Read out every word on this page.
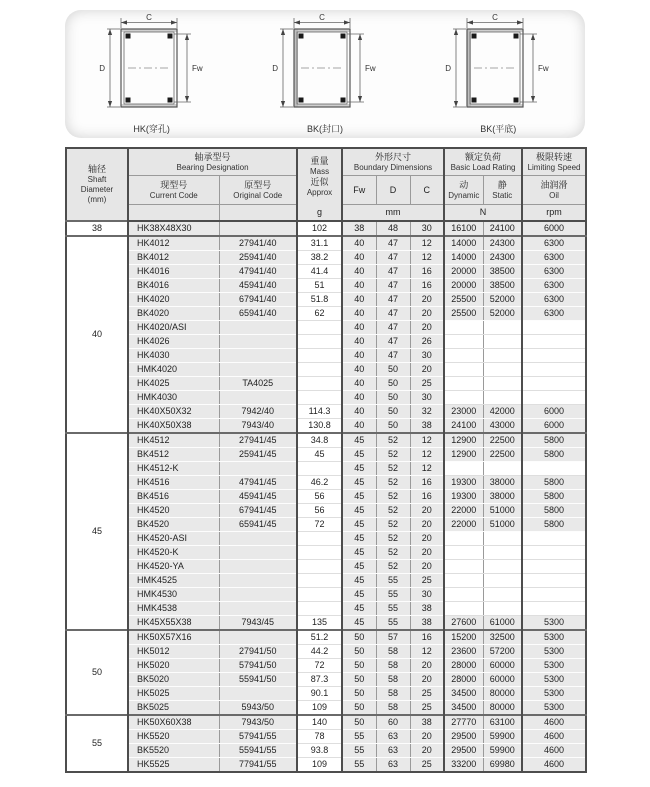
C
D	Fw
HK(穿孔)
C
D	Fw
BK(封口)
C
D	Fw
BK(平底)
轴径
Shaft
Diameter
(mm)	轴承型号
Bearing Designation		重量
Mass
近似
Approx	外形尺寸
Boundary Dimensions			额定负荷
Basic Load Rating		极限转速
Limiting Speed

	现型号
Current Code	原型号
Original Code		Fw	D	C	动
Dynamic	静
Static	油润滑
Oil

			g	mm			N		rpm
38	HK38X48X30		102	38	48	30	16100	24100	6000
40	HK4012	27941/40	31.1	40	47	12	14000	24300	6300
	BK4012	25941/40	38.2	40	47	12	14000	24300	6300
	HK4016	47941/40	41.4	40	47	16	20000	38500	6300
	BK4016	45941/40	51	40	47	16	20000	38500	6300
	HK4020	67941/40	51.8	40	47	20	25500	52000	6300
	BK4020	65941/40	62	40	47	20	25500	52000	6300
	HK4020/ASI			40	47	20			
	HK4026			40	47	26			
	HK4030			40	47	30			
	HMK4020			40	50	20			
	HK4025	TA4025		40	50	25			
	HMK4030			40	50	30			
	HK40X50X32	7942/40	114.3	40	50	32	23000	42000	6000
	HK40X50X38	7943/40	130.8	40	50	38	24100	43000	6000
45	HK4512	27941/45	34.8	45	52	12	12900	22500	5800
	BK4512	25941/45	45	45	52	12	12900	22500	5800
	HK4512-K			45	52	12			
	HK4516	47941/45	46.2	45	52	16	19300	38000	5800
	BK4516	45941/45	56	45	52	16	19300	38000	5800
	HK4520	67941/45	56	45	52	20	22000	51000	5800
	BK4520	65941/45	72	45	52	20	22000	51000	5800
	HK4520-ASI			45	52	20			
	HK4520-K			45	52	20			
	HK4520-YA			45	52	20			
	HMK4525			45	55	25			
	HMK4530			45	55	30			
	HMK4538			45	55	38			
	HK45X55X38	7943/45	135	45	55	38	27600	61000	5300
50	HK50X57X16		51.2	50	57	16	15200	32500	5300
	HK5012	27941/50	44.2	50	58	12	23600	57200	5300
	HK5020	57941/50	72	50	58	20	28000	60000	5300
	BK5020	55941/50	87.3	50	58	20	28000	60000	5300
	HK5025		90.1	50	58	25	34500	80000	5300
	BK5025	5943/50	109	50	58	25	34500	80000	5300
55	HK50X60X38	7943/50	140	50	60	38	27770	63100	4600
	HK5520	57941/55	78	55	63	20	29500	59900	4600
	BK5520	55941/55	93.8	55	63	20	29500	59900	4600
	HK5525	77941/55	109	55	63	25	33200	69980	4600
